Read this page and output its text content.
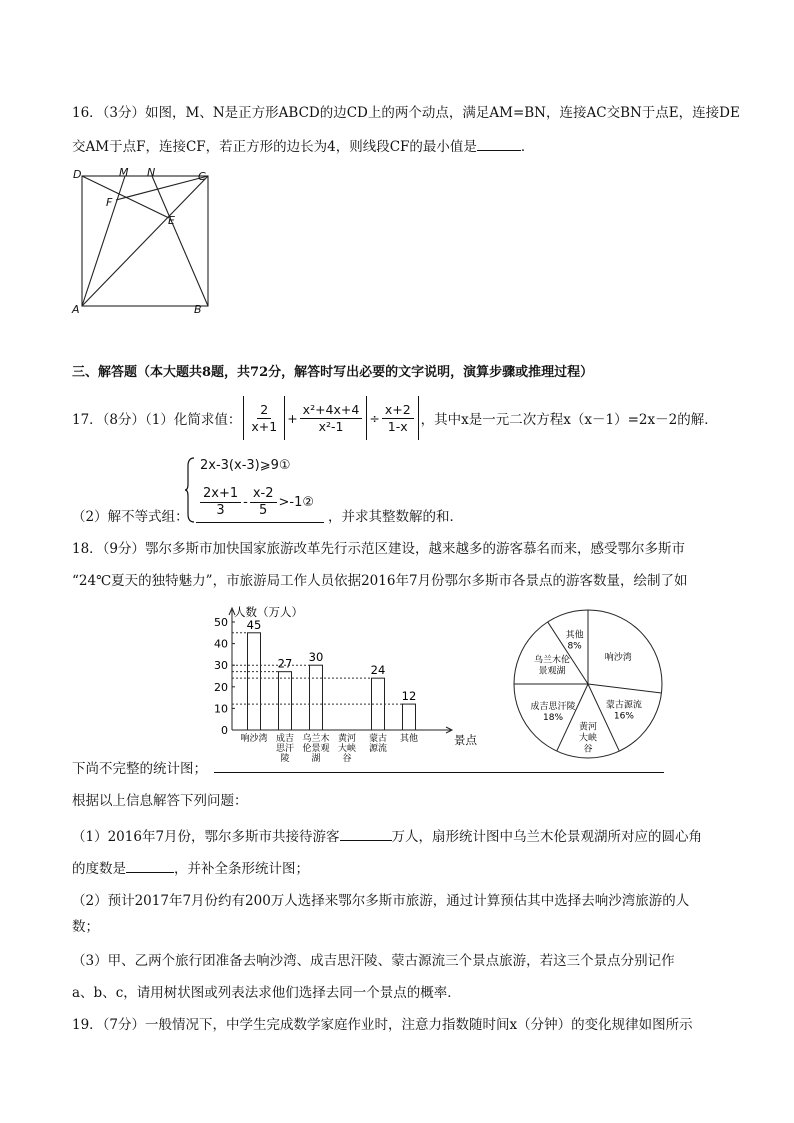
16．（3分）如图，M、N是正方形ABCD的边CD上的两个动点，满足AM=BN，连接AC交BN于点E，连接DE
交AM于点F，连接CF，若正方形的边长为4，则线段CF的最小值是	．
D	M N	C
F
E
A	B
三、解答题（本大题共8题，共72分，解答时写出必要的文字说明，演算步骤或推理过程）
17．（8分）（1）化简求值： $\frac{2}{x+1} + \frac{\text{x²+4x+4}}{\text{x²-1}} \div \frac{x+2}{1-x}$ ，其中x是一元二次方程x（x－1）=2x－2的解．
（2）解不等式组：
2x-3(x-3)⩾9①
$\frac{2x+1}{3} - \frac{x-2}{5}$ >-1②
，并求其整数解的和．
18．（9分）鄂尔多斯市加快国家旅游改革先行示范区建设，越来越多的游客慕名而来，感受鄂尔多斯市
“24℃夏天的独特魅力”，市旅游局工作人员依据2016年7月份鄂尔多斯市各景点的游客数量，绘制了如
人数（万人）
景点
0
10
20
30
40
50 45
响沙湾
27
成吉
思汗
陵
30
乌兰木
伦景观
湖
黄河
大峡
谷
24
蒙古
源流
12
其他
响沙湾
蒙古源流
16%
黄河
大峡
谷
成吉思汗陵
18%
乌兰木伦
景观湖
其他
8%
下尚不完整的统计图；
根据以上信息解答下列问题：
（1）2016年7月份，鄂尔多斯市共接待游客	万人，扇形统计图中乌兰木伦景观湖所对应的圆心角
的度数是	，并补全条形统计图；
（2）预计2017年7月份约有200万人选择来鄂尔多斯市旅游，通过计算预估其中选择去响沙湾旅游的人
数；
（3）甲、乙两个旅行团准备去响沙湾、成吉思汗陵、蒙古源流三个景点旅游，若这三个景点分别记作
a、b、c，请用树状图或列表法求他们选择去同一个景点的概率．
19．（7分）一般情况下，中学生完成数学家庭作业时，注意力指数随时间x（分钟）的变化规律如图所示
